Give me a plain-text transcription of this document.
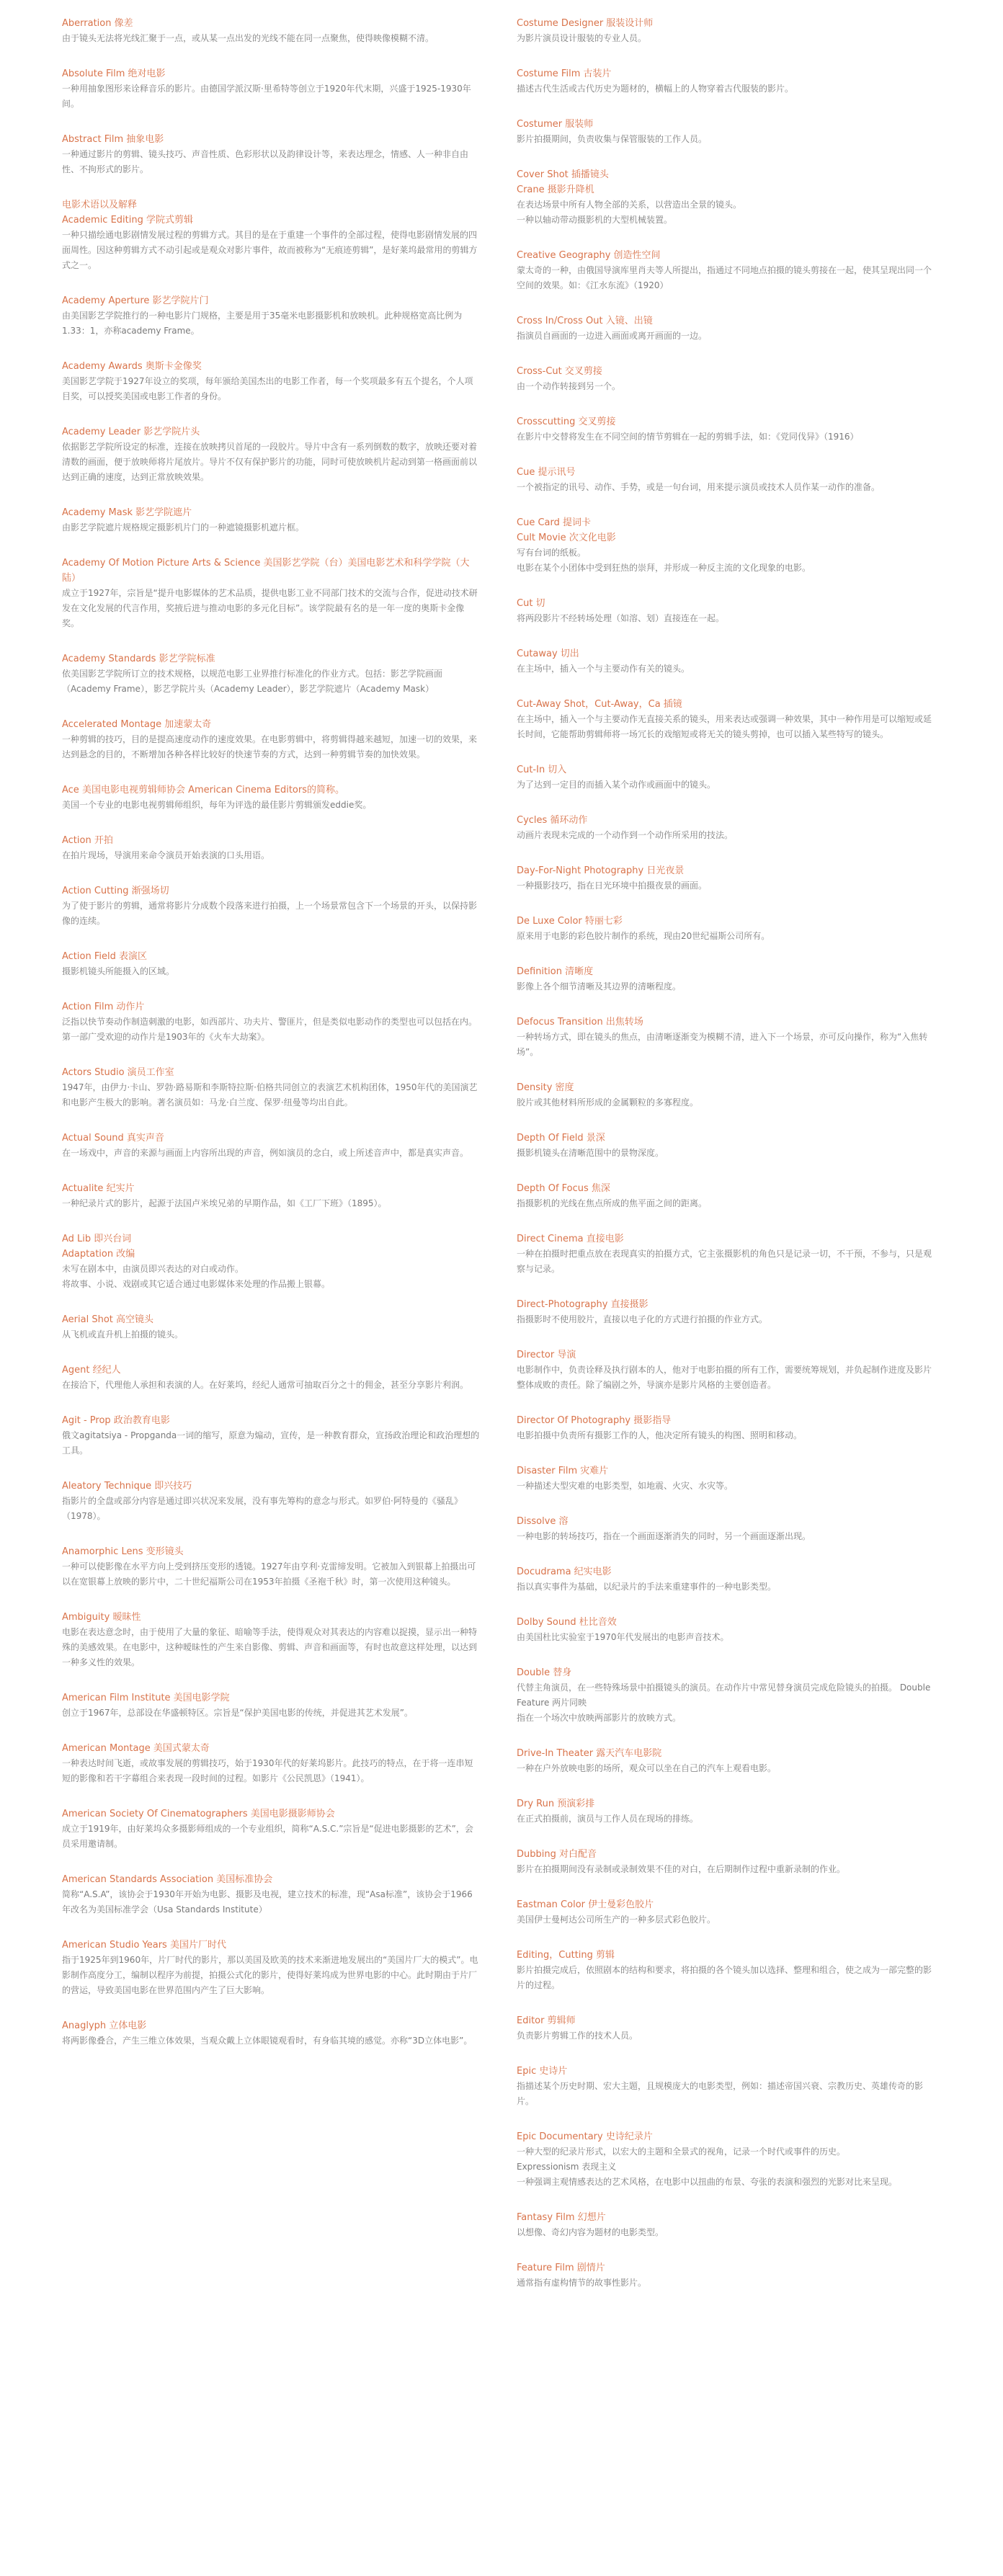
Aberration 像差

由于镜头无法将光线汇聚于一点，或从某一点出发的光线不能在同一点聚焦，使得映像模糊不清。

Absolute Film 绝对电影

一种用抽象图形来诠释音乐的影片。由德国学派汉斯·里希特等创立于1920年代末期，兴盛于1925-1930年间。

Abstract Film 抽象电影

一种通过影片的剪辑、镜头技巧、声音性质、色彩形状以及韵律设计等，来表达理念，情感、人一种非自由性、不拘形式的影片。

电影术语以及解释
Academic Editing 学院式剪辑

一种只描绘通电影剧情发展过程的剪辑方式。其目的是在于重建一个事件的全部过程，使得电影剧情发展的四面周性。因这种剪辑方式不动引起或是观众对影片事件，故而被称为“无痕迹剪辑”，是好莱坞最常用的剪辑方式之一。

Academy Aperture 影艺学院片门

由美国影艺学院推行的一种电影片门规格，主要是用于35毫米电影摄影机和放映机。此种规格宽高比例为1.33：1，亦称academy Frame。

Academy Awards 奥斯卡金像奖

美国影艺学院于1927年设立的奖项，每年颁给美国杰出的电影工作者，每一个奖项最多有五个提名，个人项目奖，可以授奖美国或电影工作者的身份。

Academy Leader 影艺学院片头

依据影艺学院所设定的标准，连接在放映拷贝首尾的一段胶片。导片中含有一系列倒数的数字，放映还要对着清数的画面，便于放映师将片尾放片。导片不仅有保护影片的功能，同时可使放映机片起动到第一格画面前以达到正确的速度，达到正常放映效果。

Academy Mask 影艺学院遮片

由影艺学院遮片规格规定摄影机片门的一种遮镜摄影机遮片框。

Academy Of Motion Picture Arts & Science 美国影艺学院（台）美国电影艺术和科学学院（大陆）

成立于1927年，宗旨是“提升电影媒体的艺术品质，提供电影工业不同部门技术的交流与合作，促进动技术研发在文化发展的代言作用，奖掖后进与推动电影的多元化目标”。该学院最有名的是一年一度的奥斯卡金像奖。

Academy Standards 影艺学院标准

依美国影艺学院所订立的技术规格，以规范电影工业界推行标准化的作业方式。包括：影艺学院画面（Academy Frame），影艺学院片头（Academy Leader），影艺学院遮片（Academy Mask）

Accelerated Montage 加速蒙太奇

一种剪辑的技巧，目的是提高速度动作的速度效果。在电影剪辑中，将剪辑得越来越短，加速一切的效果，来达到悬念的目的，不断增加各种各样比较好的快速节奏的方式，达到一种剪辑节奏的加快效果。

Ace 美国电影电视剪辑师协会 American Cinema Editors的简称。

美国一个专业的电影电视剪辑师组织，每年为评选的最佳影片剪辑颁发eddie奖。

Action 开拍

在拍片现场，导演用来命令演员开始表演的口头用语。

Action Cutting 渐强场切

为了使于影片的剪辑，通常将影片分成数个段落来进行拍摄，上一个场景常包含下一个场景的开头，以保持影像的连续。

Action Field 表演区

摄影机镜头所能摄入的区域。

Action Film 动作片

泛指以快节奏动作制造刺激的电影，如西部片、功夫片、警匪片，但是类似电影动作的类型也可以包括在内。第一部广受欢迎的动作片是1903年的《火车大劫案》。

Actors Studio 演员工作室

1947年，由伊力·卡山、罗勃·路易斯和李斯特拉斯·伯格共同创立的表演艺术机构团体，1950年代的美国演艺和电影产生极大的影响。著名演员如：马龙·白兰度、保罗·纽曼等均出自此。

Actual Sound 真实声音

在一场戏中，声音的来源与画面上内容所出现的声音，例如演员的念白，或上所述音声中，都是真实声音。

Actualite 纪实片

一种纪录片式的影片，起源于法国卢米埃兄弟的早期作品，如《工厂下班》（1895）。

Ad Lib 即兴台词
Adaptation 改编

未写在剧本中，由演员即兴表达的对白或动作。
将故事、小说、戏剧或其它适合通过电影媒体来处理的作品搬上银幕。

Aerial Shot 高空镜头

从飞机或直升机上拍摄的镜头。

Agent 经纪人

在接洽下，代理他人承担和表演的人。在好莱坞，经纪人通常可抽取百分之十的佣金，甚至分享影片利润。

Agit - Prop 政治教育电影

俄文agitatsiya - Propganda一词的缩写，原意为煽动，宣传，是一种教育群众，宣扬政治理论和政治理想的工具。

Aleatory Technique 即兴技巧

指影片的全盘或部分内容是通过即兴状况来发展，没有事先筹构的意念与形式。如罗伯·阿特曼的《骚乱》（1978）。

Anamorphic Lens 变形镜头

一种可以使影像在水平方向上受到挤压变形的透镜。1927年由亨利·克雷缔发明。它被加入到银幕上拍摄出可以在宽银幕上放映的影片中，二十世纪福斯公司在1953年拍摄《圣袍千秋》时，第一次使用这种镜头。

Ambiguity 暧昧性

电影在表达意念时，由于使用了大量的象征、暗喻等手法，使得观众对其表达的内容难以捉摸，显示出一种特殊的美感效果。在电影中，这种暧昧性的产生来自影像、剪辑、声音和画面等，有时也故意这样处理，以达到一种多义性的效果。

American Film Institute 美国电影学院

创立于1967年，总部设在华盛顿特区。宗旨是“保护美国电影的传统，并促进其艺术发展”。

American Montage 美国式蒙太奇

一种表达时间飞逝，或故事发展的剪辑技巧，始于1930年代的好莱坞影片。此技巧的特点，在于将一连串短短的影像和若干字幕组合来表现一段时间的过程。如影片《公民凯恩》（1941）。

American Society Of Cinematographers 美国电影摄影师协会

成立于1919年，由好莱坞众多摄影师组成的一个专业组织，简称“A.S.C.”宗旨是“促进电影摄影的艺术”，会员采用邀请制。

American Standards Association 美国标准协会

简称“A.S.A”，该协会于1930年开始为电影、摄影及电视，建立技术的标准，现“Asa标准”，该协会于1966年改名为美国标准学会（Usa Standards Institute）

American Studio Years 美国片厂时代

指于1925年到1960年，片厂时代的影片，那以美国及欧美的技术来渐进地发展出的“美国片厂大的模式”。电影制作高度分工，编制以程序为前提，拍摄公式化的影片，使得好莱坞成为世界电影的中心。此时期由于片厂的营运，导致美国电影在世界范围内产生了巨大影响。

Anaglyph 立体电影

将两影像叠合，产生三维立体效果，当观众戴上立体眼镜观看时，有身临其境的感觉。亦称“3D立体电影”。

Costume Designer 服装设计师

为影片演员设计服装的专业人员。

Costume Film 古装片

描述古代生活或古代历史为题材的，横幅上的人物穿着古代服装的影片。

Costumer 服装师

影片拍摄期间，负责收集与保管服装的工作人员。

Cover Shot 插播镜头
Crane 摄影升降机

在表达场景中所有人物全部的关系，以营造出全景的镜头。
一种以轴动带动摄影机的大型机械装置。

Creative Geography 创造性空间

蒙太奇的一种，由俄国导演库里肖夫等人所提出，指通过不同地点拍摄的镜头剪接在一起，使其呈现出同一个空间的效果。如：《江水东流》（1920）

Cross In/Cross Out 入镜、出镜

指演员自画面的一边进入画面或离开画面的一边。

Cross-Cut 交叉剪接

由一个动作转接到另一个。

Crosscutting 交叉剪接

在影片中交替将发生在不同空间的情节剪辑在一起的剪辑手法，如：《党同伐异》（1916）

Cue 提示讯号

一个被指定的讯号、动作、手势，或是一句台词，用来提示演员或技术人员作某一动作的准备。

Cue Card 提词卡
Cult Movie 次文化电影

写有台词的纸板。
电影在某个小团体中受到狂热的崇拜，并形成一种反主流的文化现象的电影。

Cut 切

将两段影片不经转场处理（如溶、划）直接连在一起。

Cutaway 切出

在主场中，插入一个与主要动作有关的镜头。

Cut-Away Shot，Cut-Away，Ca 插镜

在主场中，插入一个与主要动作无直接关系的镜头，用来表达或强调一种效果，其中一种作用是可以缩短或延长时间，它能帮助剪辑师将一场冗长的戏缩短或将无关的镜头剪掉，也可以插入某些特写的镜头。

Cut-In 切入

为了达到一定目的而插入某个动作或画面中的镜头。

Cycles 循环动作

动画片表现未完成的一个动作到一个动作所采用的技法。

Day-For-Night Photography 日光夜景

一种摄影技巧，指在日光环境中拍摄夜景的画面。

De Luxe Color 特丽七彩

原来用于电影的彩色胶片制作的系统，现由20世纪福斯公司所有。

Definition 清晰度

影像上各个细节清晰及其边界的清晰程度。

Defocus Transition 出焦转场

一种转场方式，即在镜头的焦点，由清晰逐渐变为模糊不清，进入下一个场景，亦可反向操作，称为“入焦转场”。

Density 密度

胶片或其他材料所形成的金属颗粒的多寡程度。

Depth Of Field 景深

摄影机镜头在清晰范围中的景物深度。

Depth Of Focus 焦深

指摄影机的光线在焦点所成的焦平面之间的距离。

Direct Cinema 直接电影

一种在拍摄时把重点放在表现真实的拍摄方式，它主张摄影机的角色只是记录一切，不干预，不参与，只是观察与记录。

Direct-Photography 直接摄影

指摄影时不使用胶片，直接以电子化的方式进行拍摄的作业方式。

Director 导演

电影制作中，负责诠释及执行剧本的人，他对于电影拍摄的所有工作，需要统筹规划，并负起制作进度及影片整体成败的责任。除了编剧之外，导演亦是影片风格的主要创造者。

Director Of Photography 摄影指导

电影拍摄中负责所有摄影工作的人，他决定所有镜头的构图、照明和移动。

Disaster Film 灾难片

一种描述大型灾难的电影类型，如地震、火灾、水灾等。

Dissolve 溶

一种电影的转场技巧，指在一个画面逐渐消失的同时，另一个画面逐渐出现。

Docudrama 纪实电影

指以真实事件为基础，以纪录片的手法来重建事件的一种电影类型。

Dolby Sound 杜比音效

由美国杜比实验室于1970年代发展出的电影声音技术。

Double 替身

代替主角演员，在一些特殊场景中拍摄镜头的演员。在动作片中常见替身演员完成危险镜头的拍摄。 Double Feature 两片同映
指在一个场次中放映两部影片的放映方式。

Drive-In Theater 露天汽车电影院

一种在户外放映电影的场所，观众可以坐在自己的汽车上观看电影。

Dry Run 预演彩排

在正式拍摄前，演员与工作人员在现场的排练。

Dubbing 对白配音

影片在拍摄期间没有录制或录制效果不佳的对白，在后期制作过程中重新录制的作业。

Eastman Color 伊士曼彩色胶片

美国伊士曼柯达公司所生产的一种多层式彩色胶片。

Editing，Cutting 剪辑

影片拍摄完成后，依照剧本的结构和要求，将拍摄的各个镜头加以选择、整理和组合，使之成为一部完整的影片的过程。

Editor 剪辑师

负责影片剪辑工作的技术人员。

Epic 史诗片

指描述某个历史时期、宏大主题，且规模庞大的电影类型，例如：描述帝国兴衰、宗教历史、英雄传奇的影片。

Epic Documentary 史诗纪录片

一种大型的纪录片形式，以宏大的主题和全景式的视角，记录一个时代或事件的历史。
Expressionism 表现主义
一种强调主观情感表达的艺术风格，在电影中以扭曲的布景、夸张的表演和强烈的光影对比来呈现。

Fantasy Film 幻想片

以想像、奇幻内容为题材的电影类型。

Feature Film 剧情片

通常指有虚构情节的故事性影片。
